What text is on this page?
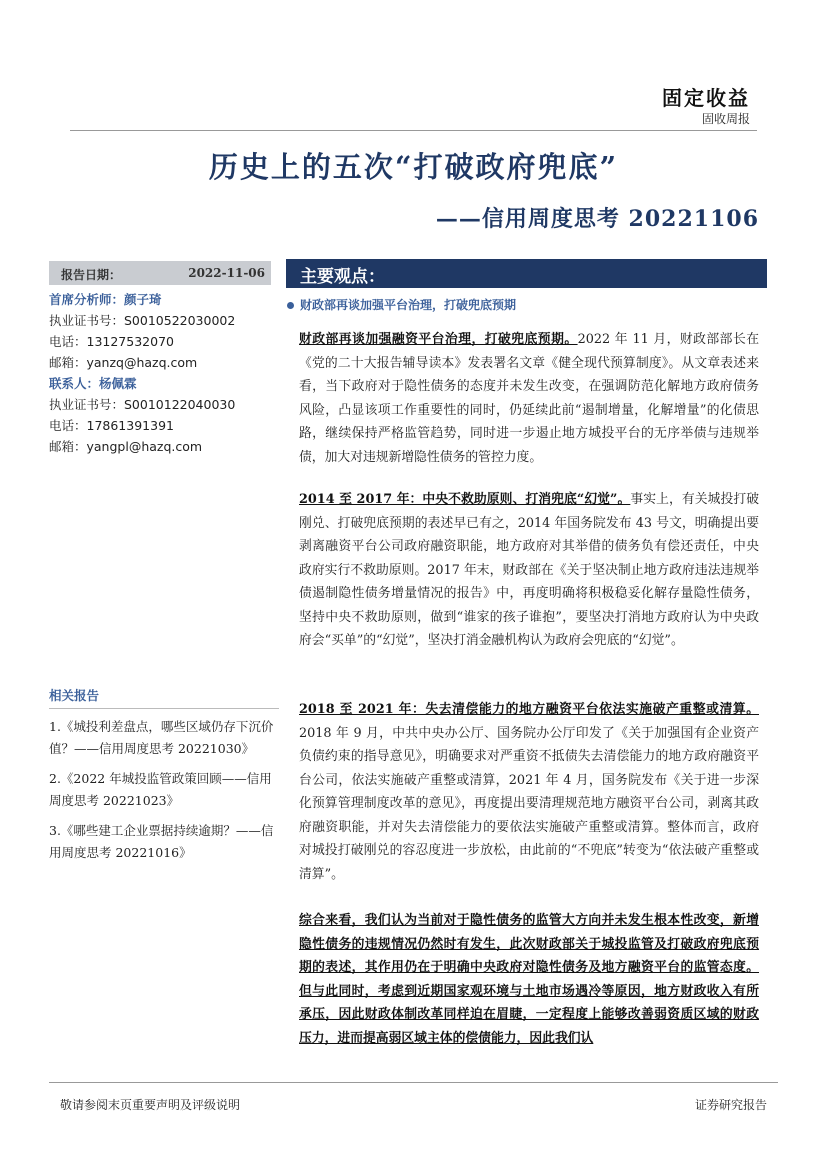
固定收益
固收周报
历史上的五次“打破政府兜底”
——信用周度思考 20221106
报告日期：	2022-11-06
首席分析师：颜子琦
执业证书号：S0010522030002
电话：13127532070
邮箱：yanzq@hazq.com
联系人：杨佩霖
执业证书号：S0010122040030
电话：17861391391
邮箱：yangpl@hazq.com
相关报告
1.《城投利差盘点，哪些区域仍存下沉价值？——信用周度思考 20221030》
2.《2022 年城投监管政策回顾——信用周度思考 20221023》
3.《哪些建工企业票据持续逾期？——信用周度思考 20221016》
主要观点：
财政部再谈加强平台治理，打破兜底预期
财政部再谈加强融资平台治理，打破兜底预期。2022 年 11 月，财政部部长在《党的二十大报告辅导读本》发表署名文章《健全现代预算制度》。从文章表述来看，当下政府对于隐性债务的态度并未发生改变，在强调防范化解地方政府债务风险，凸显该项工作重要性的同时，仍延续此前“遏制增量，化解增量”的化债思路，继续保持严格监管趋势，同时进一步遏止地方城投平台的无序举债与违规举债，加大对违规新增隐性债务的管控力度。
2014 至 2017 年：中央不救助原则、打消兜底“幻觉”。事实上，有关城投打破刚兑、打破兜底预期的表述早已有之，2014 年国务院发布 43 号文，明确提出要剥离融资平台公司政府融资职能，地方政府对其举借的债务负有偿还责任，中央政府实行不救助原则。2017 年末，财政部在《关于坚决制止地方政府违法违规举债遏制隐性债务增量情况的报告》中，再度明确将积极稳妥化解存量隐性债务，坚持中央不救助原则，做到“谁家的孩子谁抱”，要坚决打消地方政府认为中央政府会“买单”的“幻觉”，坚决打消金融机构认为政府会兜底的“幻觉”。
2018 至 2021 年：失去清偿能力的地方融资平台依法实施破产重整或清算。2018 年 9 月，中共中央办公厅、国务院办公厅印发了《关于加强国有企业资产负债约束的指导意见》，明确要求对严重资不抵债失去清偿能力的地方政府融资平台公司，依法实施破产重整或清算，2021 年 4 月，国务院发布《关于进一步深化预算管理制度改革的意见》，再度提出要清理规范地方融资平台公司，剥离其政府融资职能，并对失去清偿能力的要依法实施破产重整或清算。整体而言，政府对城投打破刚兑的容忍度进一步放松，由此前的“不兜底”转变为“依法破产重整或清算”。
综合来看，我们认为当前对于隐性债务的监管大方向并未发生根本性改变，新增隐性债务的违规情况仍然时有发生，此次财政部关于城投监管及打破政府兜底预期的表述，其作用仍在于明确中央政府对隐性债务及地方融资平台的监管态度。但与此同时，考虑到近期国家观环境与土地市场遇冷等原因，地方财政收入有所承压，因此财政体制改革同样迫在眉睫，一定程度上能够改善弱资质区域的财政压力，进而提高弱区域主体的偿债能力，因此我们认
敬请参阅末页重要声明及评级说明	证券研究报告
